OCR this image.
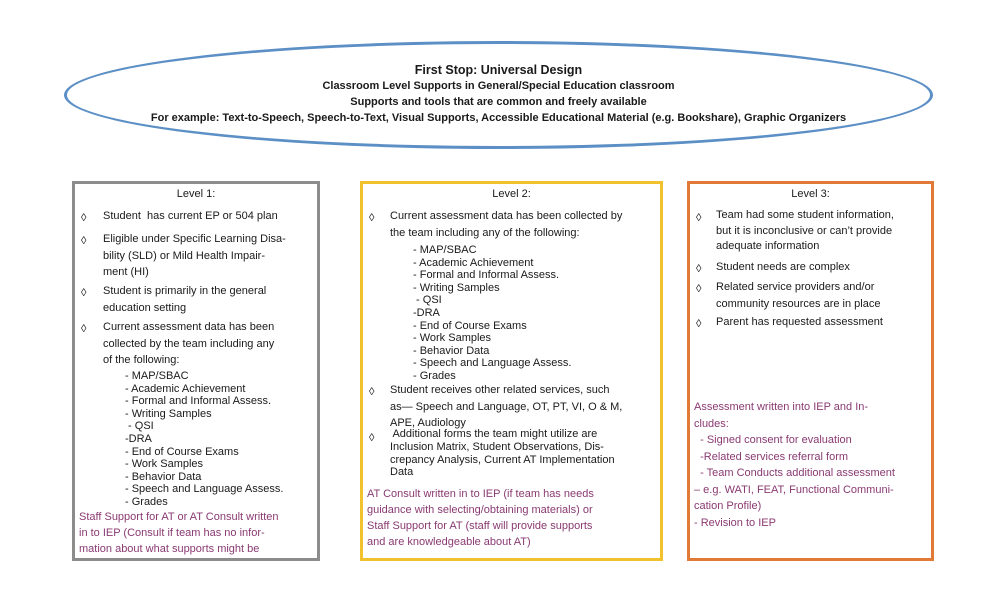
First Stop: Universal Design
Classroom Level Supports in General/Special Education classroom
Supports and tools that are common and freely available
For example: Text-to-Speech, Speech-to-Text, Visual Supports, Accessible Educational Material (e.g. Bookshare), Graphic Organizers
Level 1:
◊ Student  has current EP or 504 plan
◊ Eligible under Specific Learning Disa-
bility (SLD) or Mild Health Impair-
ment (HI)
◊ Student is primarily in the general
education setting
◊ Current assessment data has been
collected by the team including any
of the following:
- MAP/SBAC
- Academic Achievement
- Formal and Informal Assess.
- Writing Samples
- QSI
-DRA
- End of Course Exams
- Work Samples
- Behavior Data
- Speech and Language Assess.
- Grades
Staff Support for AT or AT Consult written
in to IEP (Consult if team has no infor-
mation about what supports might be
Level 2:
◊ Current assessment data has been collected by
the team including any of the following:
- MAP/SBAC
- Academic Achievement
- Formal and Informal Assess.
- Writing Samples
- QSI
-DRA
- End of Course Exams
- Work Samples
- Behavior Data
- Speech and Language Assess.
- Grades
◊ Student receives other related services, such
as— Speech and Language, OT, PT, VI, O & M,
APE, Audiology
◊ Additional forms the team might utilize are
Inclusion Matrix, Student Observations, Dis-
crepancy Analysis, Current AT Implementation
Data
AT Consult written in to IEP (if team has needs
guidance with selecting/obtaining materials) or
Staff Support for AT (staff will provide supports
and are knowledgeable about AT)
Level 3:
◊ Team had some student information,
but it is inconclusive or can’t provide
adequate information
◊ Student needs are complex
◊ Related service providers and/or
community resources are in place
◊ Parent has requested assessment
Assessment written into IEP and In-
cludes:
- Signed consent for evaluation
-Related services referral form
- Team Conducts additional assessment
– e.g. WATI, FEAT, Functional Communi-
cation Profile)
- Revision to IEP
